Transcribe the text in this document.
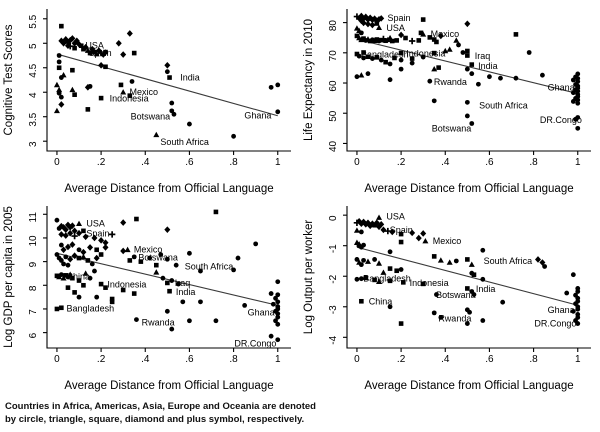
0	.2	.4	.6	.8	1
3
3.5
4
4.5
5
5.5
Average Distance from Official Language
Cognitive Test Scores	USA
Spain
India
Mexico
Indonesia
Botswana	Ghana
South Africa
0	.2	.4	.6	.8	1
40
50
60
70
80
Average Distance from Official Language
Life Expectancy in 2010
Spain
USA
Mexico
Bangladesh
Indonesia	Iraq
India
Rwanda
South Africa
Botswana
Ghana
DR.Congo
0	.2	.4	.6	.8	1
6
7
8
9
10
11
Average Distance from Official Language
Log GDP per capita in 2005	USA
Spain
Mexico
Botswana
South Africa
China
Indonesia	Iraq
India
Bangladesh
Rwanda
Ghana
DR.Congo
0	.2	.4	.6	.8	1
-4
-3
-2
-1
0
Average Distance from Official Language
Log Output per worker
USA
Spain
Mexico
South Africa
Bangladesh
Indonesia
Botswana
India
China
Rwanda
Ghana
DR.Congo
Countries in Africa, Americas, Asia, Europe and Oceania are denoted
by circle, triangle, square, diamond and plus symbol, respectively.
